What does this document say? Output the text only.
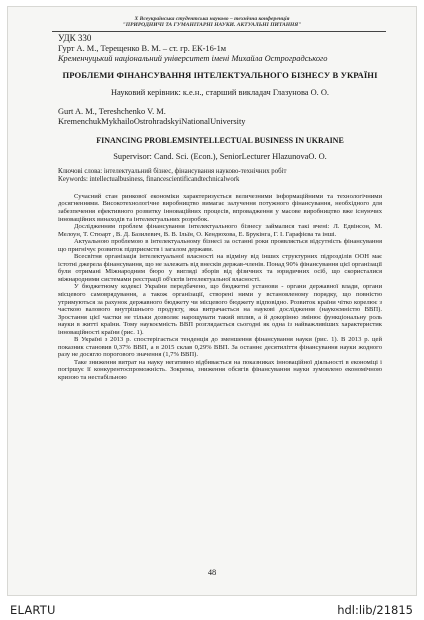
Х Всеукраїнська студентська науково – технічна конференція
"ПРИРОДНИЧІ ТА ГУМАНІТАРНІ НАУКИ. АКТУАЛЬНІ ПИТАННЯ"
УДК 330
Гурт А. М., Терещенко В. М. – ст. гр. ЕК-16-1м
Кременчуцький національний університет імені Михайла Остроградського
ПРОБЛЕМИ ФІНАНСУВАННЯ ІНТЕЛЕКТУАЛЬНОГО БІЗНЕСУ В УКРАЇНІ
Науковий керівник: к.е.н., старший викладач Глазунова О. О.
Gurt A. M., Tereshchenko V. M.
KremenchukMykhailoOstrohradskyiNationalUniversity
FINANCING PROBLEMSINTELLECTUAL BUSINESS IN UKRAINE
Supervisor: Cand. Sci. (Econ.), SeniorLecturer HlazunovaO. O.
Ключові слова: інтелектуальний бізнес, фінансування науково-технічних робіт
Keywords: intellectualbusiness, financescientificandtechnicalwork

Сучасний стан ринкової економіки характеризується величезними інформаційними та технологічними досягненнями. Високотехнологічне виробництво вимагає залучення потужного фінансування, необхідного для забезпечення ефективного розвитку інноваційних процесів, впровадження у масове виробництво вже існуючих інноваційних винаходів та інтелектуальних розробок.

Дослідженням проблем фінансування інтелектуального бізнесу займалися такі вчені: Л. Едвінсон, М. Мелоун, Т. Стюарт , В. Д. Базилевич, В. В. Ільїн, О. Кендюхова, Е. Брукінга, Г. І. Гарафієва та інші.

Актуальною проблемою в інтелектуальному бізнесі за останні роки проявляється відсутність фінансування що пригнічує розвиток підприємств і загалом держави.

Всесвітня організація інтелектуальної власності на відміну від інших структурних підрозділів ООН має істотні джерела фінансування, що не залежать від внесків держав-членів. Понад 90% фінансування цієї організації були отримані Міжнародним бюро у вигляді зборів від фізичних та юридичних осіб, що скористалися міжнародними системами реєстрації об'єктів інтелектуальної власності.

У бюджетному кодексі України передбачено, що бюджетні установи - органи державної влади, органи місцевого самоврядування, а також організації, створені ними у встановленому порядку, що повністю утримуються за рахунок державного бюджету чи місцевого бюджету відповідно. Розвиток країни чітко корелює з часткою валового внутрішнього продукту, яка витрачається на наукові дослідження (наукоємністю ВВП). Зростання цієї частки не тільки дозволяє нарощувати такий вплив, а й докорінно змінює функціональну роль науки в житті країни. Тому наукоємність ВВП розглядається сьогодні як одна із найважливіших характеристик інноваційності країни (рис. 1).

В Україні з 2013 р. спостерігається тенденція до зменшення фінансування науки (рис. 1). В 2013 р. цей показник становив 0,37% ВВП, а в 2015 склав 0,29% ВВП. За останнє десятиліття фінансування науки жодного разу не досягло порогового значення (1,7% ВВП).

Таке зниження витрат на науку негативно відбивається на показниках інноваційної діяльності в економіці і погіршує її конкурентоспроможність. Зокрема, зниження обсягів фінансування науки зумовлено економічною кризою та нестабільною

48
ELARTU	hdl:lib/21815
